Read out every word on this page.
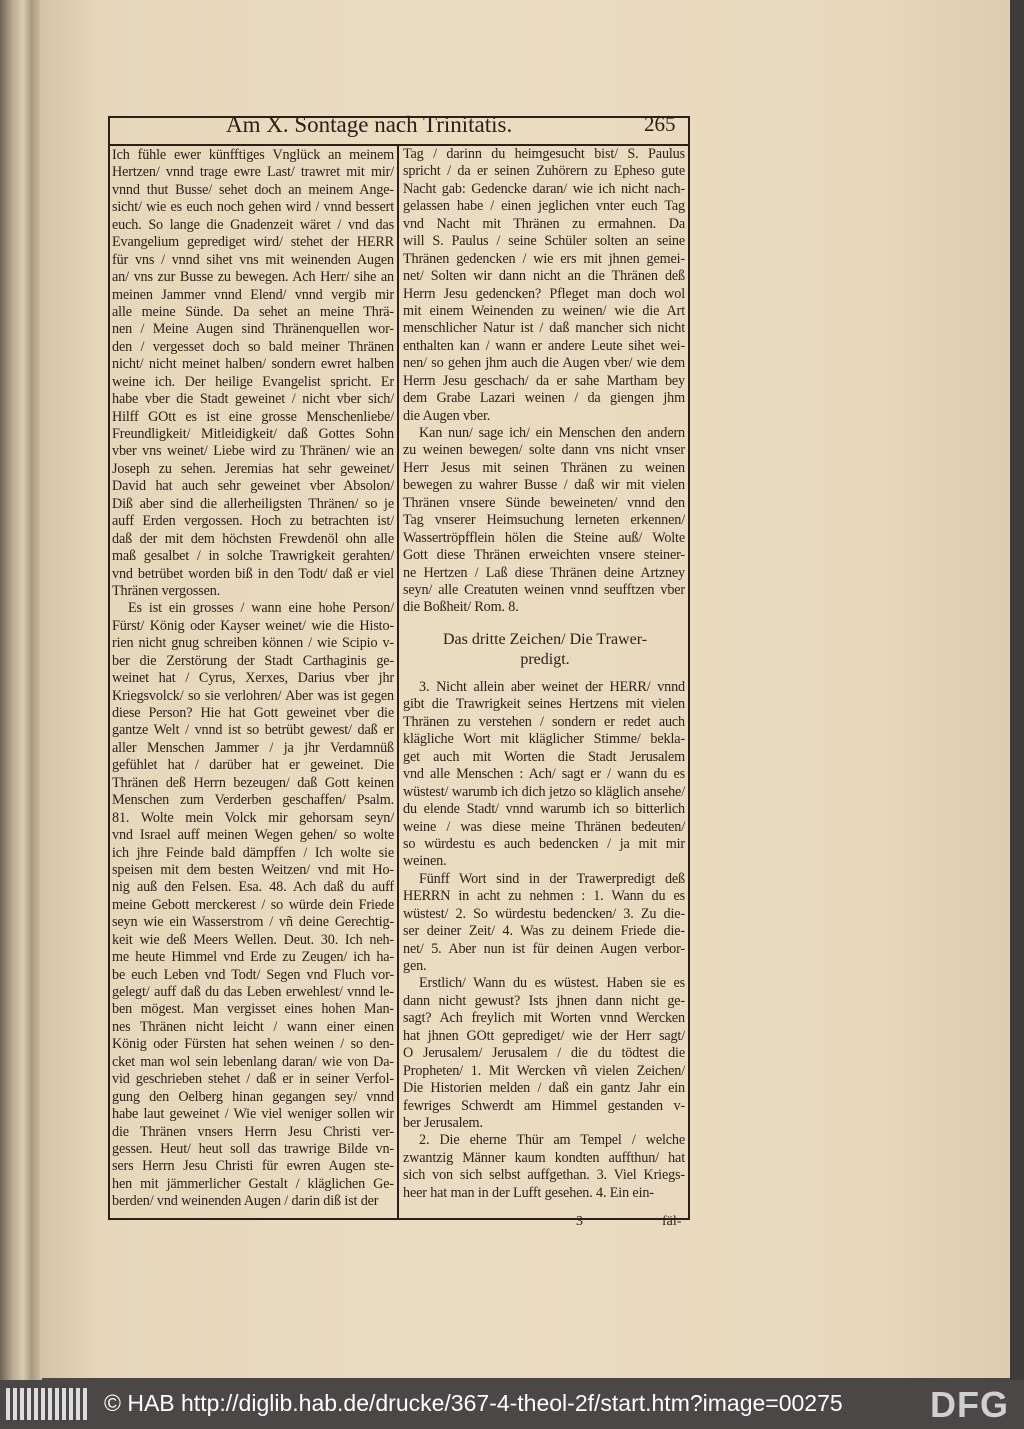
Am X. Sontage nach Trinitatis.	265
Ich fühle ewer künfftiges Vnglück an meinem
Hertzen/ vnnd trage ewre Last/ trawret mit mir/
vnnd thut Busse/ sehet doch an meinem Ange-
sicht/ wie es euch noch gehen wird / vnnd bessert
euch. So lange die Gnadenzeit wäret / vnd das
Evangelium geprediget wird/ stehet der HERR
für vns / vnnd sihet vns mit weinenden Augen
an/ vns zur Busse zu bewegen. Ach Herr/ sihe an
meinen Jammer vnnd Elend/ vnnd vergib mir
alle meine Sünde. Da sehet an meine Thrä-
nen / Meine Augen sind Thränenquellen wor-
den / vergesset doch so bald meiner Thränen
nicht/ nicht meinet halben/ sondern ewret halben
weine ich. Der heilige Evangelist spricht. Er
habe vber die Stadt geweinet / nicht vber sich/
Hilff GOtt es ist eine grosse Menschenliebe/
Freundligkeit/ Mitleidigkeit/ daß Gottes Sohn
vber vns weinet/ Liebe wird zu Thränen/ wie an
Joseph zu sehen. Jeremias hat sehr geweinet/
David hat auch sehr geweinet vber Absolon/
Diß aber sind die allerheiligsten Thränen/ so je
auff Erden vergossen. Hoch zu betrachten ist/
daß der mit dem höchsten Frewdenöl ohn alle
maß gesalbet / in solche Trawrigkeit gerahten/
vnd betrübet worden biß in den Todt/ daß er viel
Thränen vergossen.
Es ist ein grosses / wann eine hohe Person/
Fürst/ König oder Kayser weinet/ wie die Histo-
rien nicht gnug schreiben können / wie Scipio v-
ber die Zerstörung der Stadt Carthaginis ge-
weinet hat / Cyrus, Xerxes, Darius vber jhr
Kriegsvolck/ so sie verlohren/ Aber was ist gegen
diese Person? Hie hat Gott geweinet vber die
gantze Welt / vnnd ist so betrübt gewest/ daß er
aller Menschen Jammer / ja jhr Verdamnüß
gefühlet hat / darüber hat er geweinet. Die
Thränen deß Herrn bezeugen/ daß Gott keinen
Menschen zum Verderben geschaffen/ Psalm.
81. Wolte mein Volck mir gehorsam seyn/
vnd Israel auff meinen Wegen gehen/ so wolte
ich jhre Feinde bald dämpffen / Ich wolte sie
speisen mit dem besten Weitzen/ vnd mit Ho-
nig auß den Felsen. Esa. 48. Ach daß du auff
meine Gebott merckerest / so würde dein Friede
seyn wie ein Wasserstrom / vñ deine Gerechtig-
keit wie deß Meers Wellen. Deut. 30. Ich neh-
me heute Himmel vnd Erde zu Zeugen/ ich ha-
be euch Leben vnd Todt/ Segen vnd Fluch vor-
gelegt/ auff daß du das Leben erwehlest/ vnnd le-
ben mögest. Man vergisset eines hohen Man-
nes Thränen nicht leicht / wann einer einen
König oder Fürsten hat sehen weinen / so den-
cket man wol sein lebenlang daran/ wie von Da-
vid geschrieben stehet / daß er in seiner Verfol-
gung den Oelberg hinan gegangen sey/ vnnd
habe laut geweinet / Wie viel weniger sollen wir
die Thränen vnsers Herrn Jesu Christi ver-
gessen. Heut/ heut soll das trawrige Bilde vn-
sers Herrn Jesu Christi für ewren Augen ste-
hen mit jämmerlicher Gestalt / kläglichen Ge-
berden/ vnd weinenden Augen / darin diß ist der
Tag / darinn du heimgesucht bist/ S. Paulus
spricht / da er seinen Zuhörern zu Epheso gute
Nacht gab: Gedencke daran/ wie ich nicht nach-
gelassen habe / einen jeglichen vnter euch Tag
vnd Nacht mit Thränen zu ermahnen. Da
will S. Paulus / seine Schüler solten an seine
Thränen gedencken / wie ers mit jhnen gemei-
net/ Solten wir dann nicht an die Thränen deß
Herrn Jesu gedencken? Pfleget man doch wol
mit einem Weinenden zu weinen/ wie die Art
menschlicher Natur ist / daß mancher sich nicht
enthalten kan / wann er andere Leute sihet wei-
nen/ so gehen jhm auch die Augen vber/ wie dem
Herrn Jesu geschach/ da er sahe Martham bey
dem Grabe Lazari weinen / da giengen jhm
die Augen vber.
Kan nun/ sage ich/ ein Menschen den andern
zu weinen bewegen/ solte dann vns nicht vnser
Herr Jesus mit seinen Thränen zu weinen
bewegen zu wahrer Busse / daß wir mit vielen
Thränen vnsere Sünde beweineten/ vnnd den
Tag vnserer Heimsuchung lerneten erkennen/
Wassertröpfflein hölen die Steine auß/ Wolte
Gott diese Thränen erweichten vnsere steiner-
ne Hertzen / Laß diese Thränen deine Artzney
seyn/ alle Creatuten weinen vnnd seufftzen vber
die Boßheit/ Rom. 8.
Das dritte Zeichen/ Die Trawer-
predigt.
3. Nicht allein aber weinet der HERR/ vnnd
gibt die Trawrigkeit seines Hertzens mit vielen
Thränen zu verstehen / sondern er redet auch
klägliche Wort mit kläglicher Stimme/ bekla-
get auch mit Worten die Stadt Jerusalem
vnd alle Menschen : Ach/ sagt er / wann du es
wüstest/ warumb ich dich jetzo so kläglich ansehe/
du elende Stadt/ vnnd warumb ich so bitterlich
weine / was diese meine Thränen bedeuten/
so würdestu es auch bedencken / ja mit mir
weinen.
Fünff Wort sind in der Trawerpredigt deß
HERRN in acht zu nehmen : 1. Wann du es
wüstest/ 2. So würdestu bedencken/ 3. Zu die-
ser deiner Zeit/ 4. Was zu deinem Friede die-
net/ 5. Aber nun ist für deinen Augen verbor-
gen.
Erstlich/ Wann du es wüstest. Haben sie es
dann nicht gewust? Ists jhnen dann nicht ge-
sagt? Ach freylich mit Worten vnnd Wercken
hat jhnen GOtt geprediget/ wie der Herr sagt/
O Jerusalem/ Jerusalem / die du tödtest die
Propheten/ 1. Mit Wercken vñ vielen Zeichen/
Die Historien melden / daß ein gantz Jahr ein
fewriges Schwerdt am Himmel gestanden v-
ber Jerusalem.
2. Die eherne Thür am Tempel / welche
zwantzig Männer kaum kondten auffthun/ hat
sich von sich selbst auffgethan. 3. Viel Kriegs-
heer hat man in der Lufft gesehen. 4. Ein ein-
3	fäl-
© HAB http://diglib.hab.de/drucke/367-4-theol-2f/start.htm?image=00275 DFG
